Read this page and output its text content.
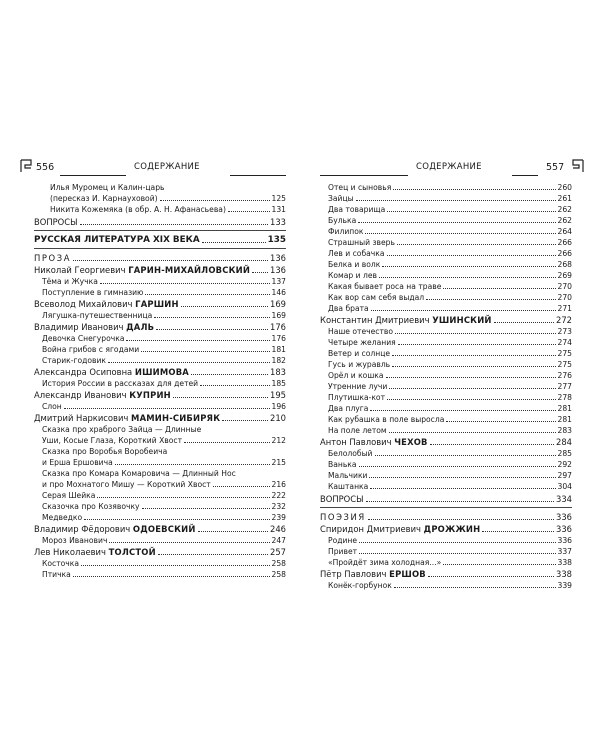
556	СОДЕРЖАНИЕ
Илья Муромец и Калин-царь
(пересказ И. Карнауховой)	125
Никита Кожемяка (в обр. А. Н. Афанасьева)	131
ВОПРОСЫ	133
РУССКАЯ ЛИТЕРАТУРА XIX ВЕКА	135
ПРОЗА	136
Николай Георгиевич ГАРИН-МИХАЙЛОВСКИЙ 136
Тёма и Жучка	137
Поступление в гимназию	146
Всеволод Михайлович ГАРШИН	169
Лягушка-путешественница	169
Владимир Иванович ДАЛЬ	176
Девочка Снегурочка	176
Война грибов с ягодами	181
Старик-годовик	182
Александра Осиповна ИШИМОВА	183
История России в рассказах для детей	185
Александр Иванович КУПРИН	195
Слон	196
Дмитрий Наркисович МАМИН-СИБИРЯК	210
Сказка про храброго Зайца — Длинные
Уши, Косые Глаза, Короткий Хвост	212
Сказка про Воробья Воробеича
и Ерша Ершовича	215
Сказка про Комара Комаровича — Длинный Нос
и про Мохнатого Мишу — Короткий Хвост	216
Серая Шейка	222
Сказочка про Козявочку	232
Медведко	239
Владимир Фёдорович ОДОЕВСКИЙ	246
Мороз Иванович	247
Лев Николаевич ТОЛСТОЙ	257
Косточка	258
Птичка	258
СОДЕРЖАНИЕ	557
Отец и сыновья	260
Зайцы	261
Два товарища	262
Булька	262
Филипок	264
Страшный зверь	266
Лев и собачка	266
Белка и волк	268
Комар и лев	269
Какая бывает роса на траве	270
Как вор сам себя выдал	270
Два брата	271
Константин Дмитриевич УШИНСКИЙ	272
Наше отечество	273
Четыре желания	274
Ветер и солнце	275
Гусь и журавль	275
Орёл и кошка	276
Утренние лучи	277
Плутишка-кот	278
Два плуга	281
Как рубашка в поле выросла	281
На поле летом	283
Антон Павлович ЧЕХОВ	284
Белолобый	285
Ванька	292
Мальчики	297
Каштанка	304
ВОПРОСЫ	334
ПОЭЗИЯ	336
Спиридон Дмитриевич ДРОЖЖИН	336
Родине	336
Привет	337
«Пройдёт зима холодная...»	338
Пётр Павлович ЕРШОВ	338
Конёк-горбунок	339
